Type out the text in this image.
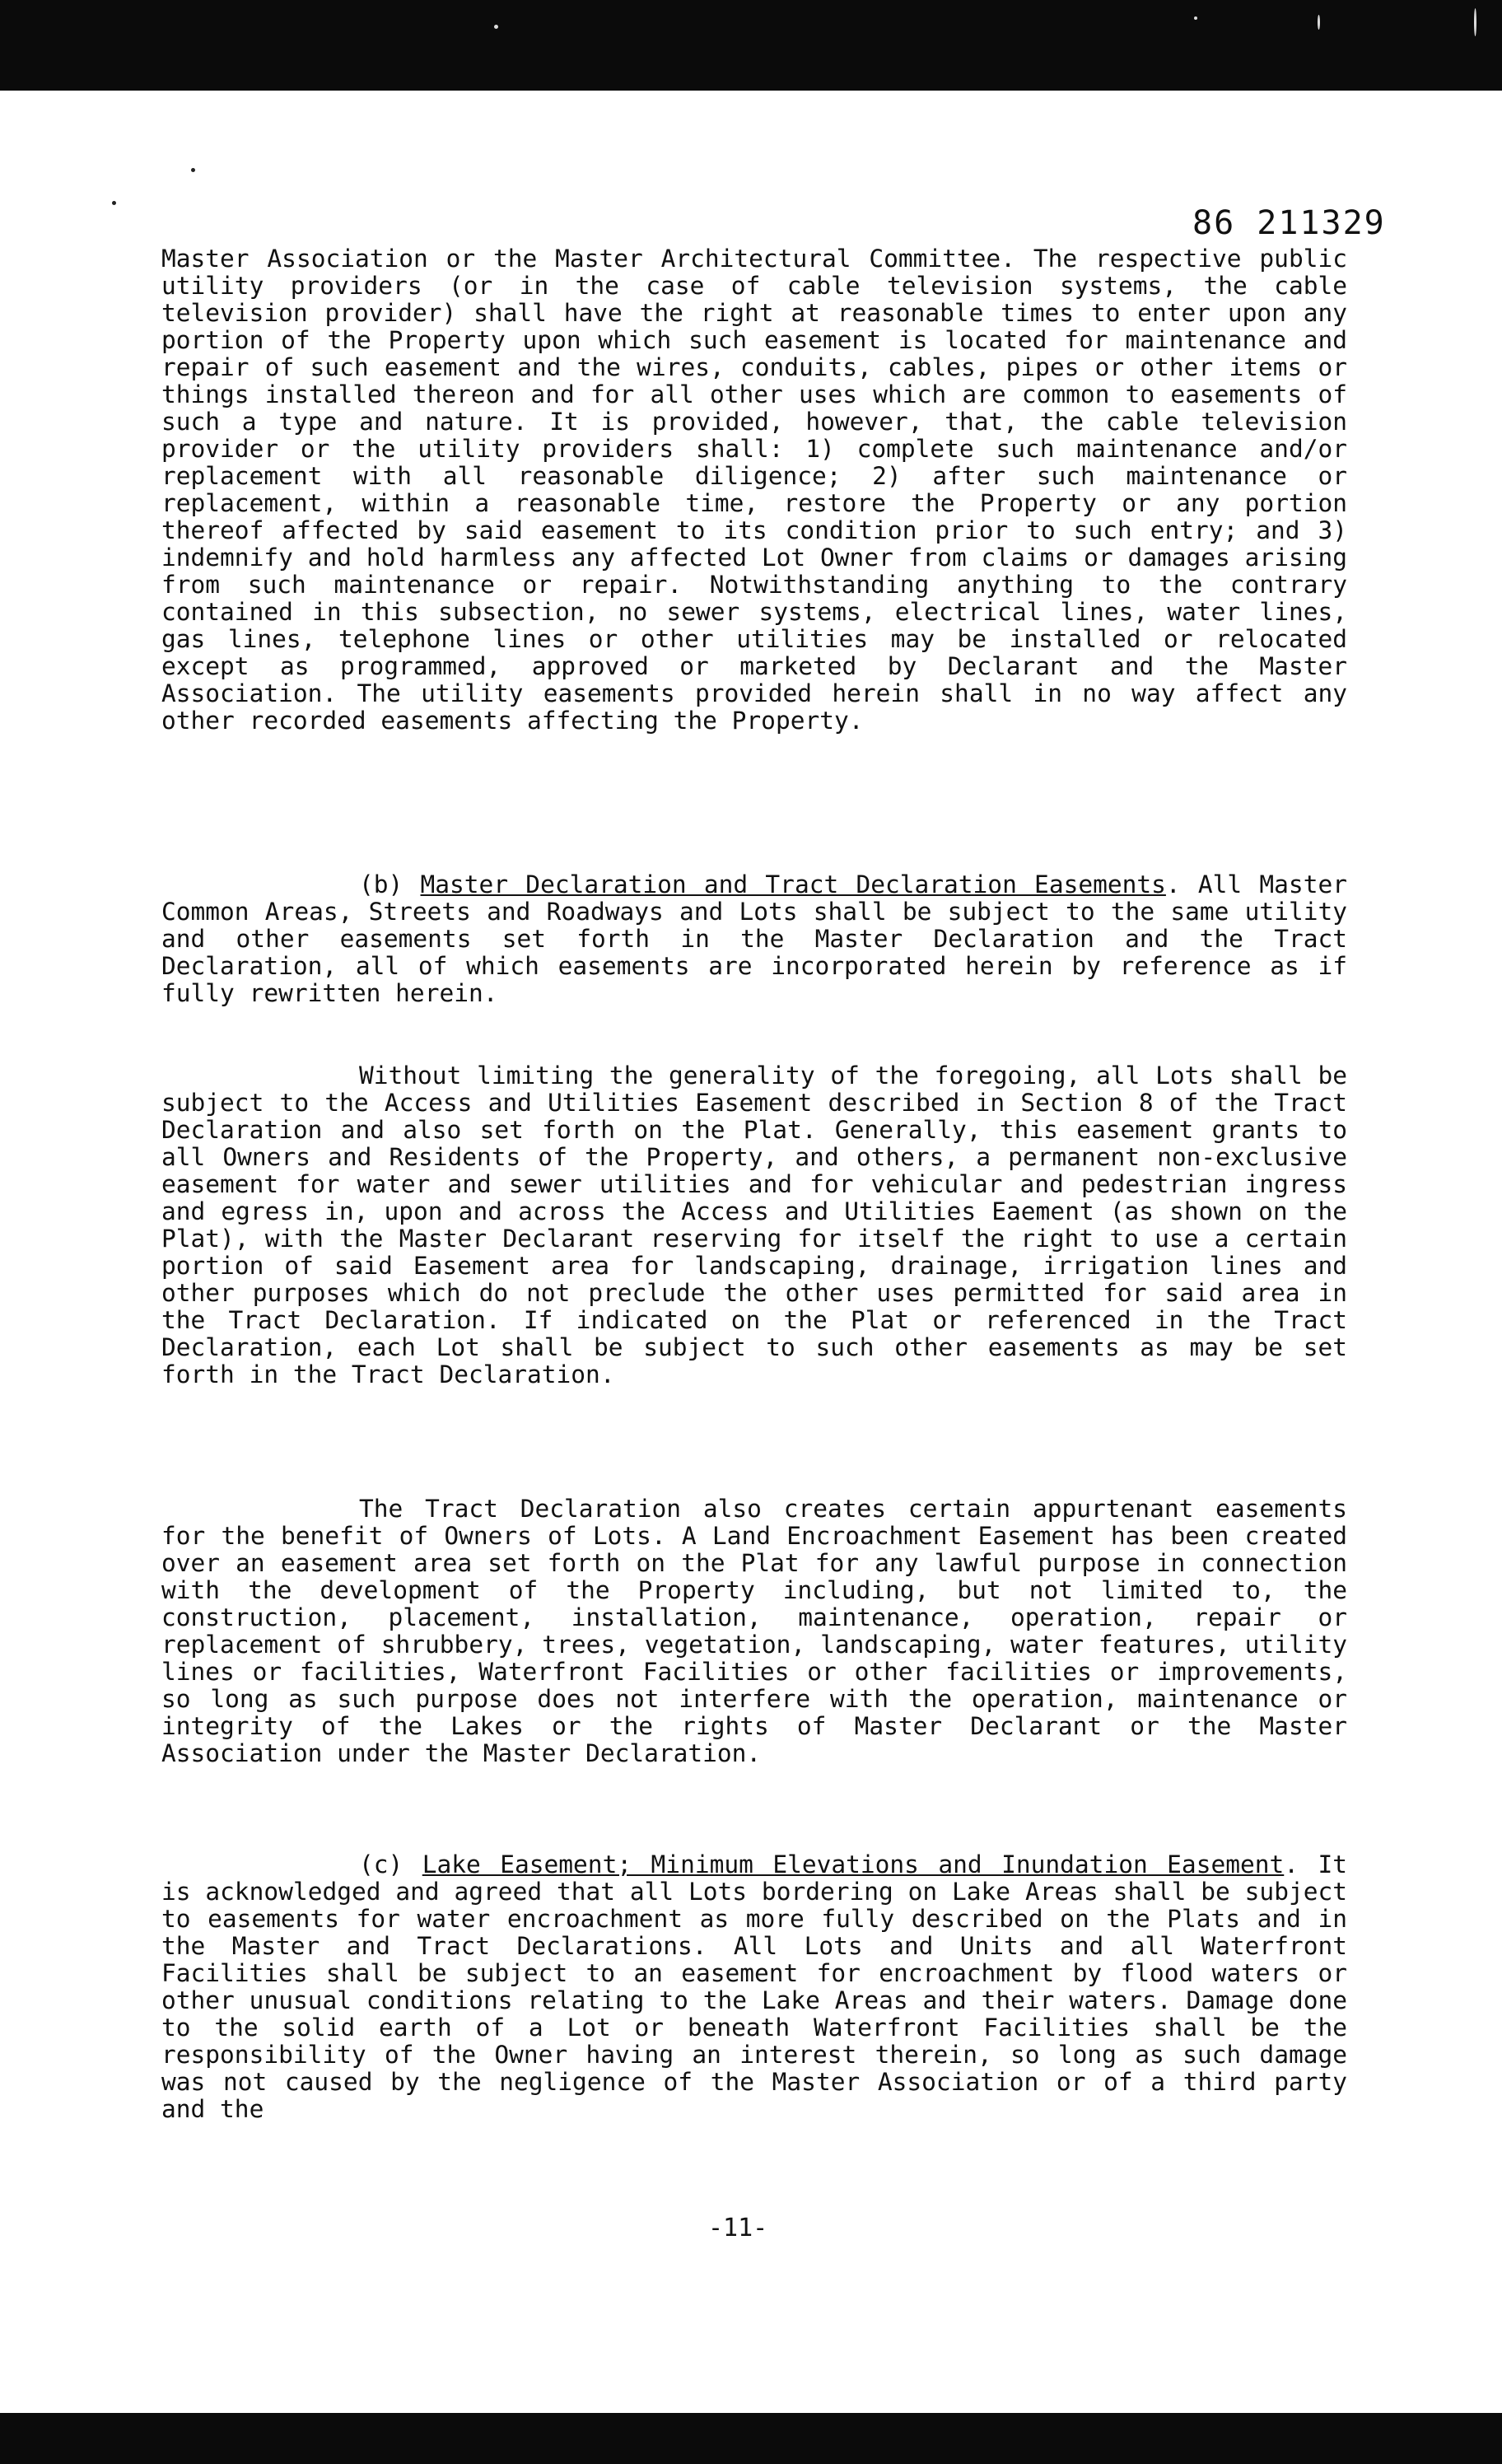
86 211329

Master Association or the Master Architectural Committee. The respective public utility providers (or in the case of cable television systems, the cable television provider) shall have the right at reasonable times to enter upon any portion of the Property upon which such easement is located for maintenance and repair of such easement and the wires, conduits, cables, pipes or other items or things installed thereon and for all other uses which are common to easements of such a type and nature. It is provided, however, that, the cable television provider or the utility providers shall: 1) complete such maintenance and/or replacement with all reasonable diligence; 2) after such maintenance or replacement, within a reasonable time, restore the Property or any portion thereof affected by said easement to its condition prior to such entry; and 3) indemnify and hold harmless any affected Lot Owner from claims or damages arising from such maintenance or repair. Notwithstanding anything to the contrary contained in this subsection, no sewer systems, electrical lines, water lines, gas lines, telephone lines or other utilities may be installed or relocated except as programmed, approved or marketed by Declarant and the Master Association. The utility easements provided herein shall in no way affect any other recorded easements affecting the Property.

(b) Master Declaration and Tract Declaration Easements. All Master Common Areas, Streets and Roadways and Lots shall be subject to the same utility and other easements set forth in the Master Declaration and the Tract Declaration, all of which easements are incorporated herein by reference as if fully rewritten herein.

Without limiting the generality of the foregoing, all Lots shall be subject to the Access and Utilities Easement described in Section 8 of the Tract Declaration and also set forth on the Plat. Generally, this easement grants to all Owners and Residents of the Property, and others, a permanent non-exclusive easement for water and sewer utilities and for vehicular and pedestrian ingress and egress in, upon and across the Access and Utilities Eaement (as shown on the Plat), with the Master Declarant reserving for itself the right to use a certain portion of said Easement area for landscaping, drainage, irrigation lines and other purposes which do not preclude the other uses permitted for said area in the Tract Declaration. If indicated on the Plat or referenced in the Tract Declaration, each Lot shall be subject to such other easements as may be set forth in the Tract Declaration.

The Tract Declaration also creates certain appurtenant easements for the benefit of Owners of Lots. A Land Encroachment Easement has been created over an easement area set forth on the Plat for any lawful purpose in connection with the development of the Property including, but not limited to, the construction, placement, installation, maintenance, operation, repair or replacement of shrubbery, trees, vegetation, landscaping, water features, utility lines or facilities, Waterfront Facilities or other facilities or improvements, so long as such purpose does not interfere with the operation, maintenance or integrity of the Lakes or the rights of Master Declarant or the Master Association under the Master Declaration.

(c) Lake Easement; Minimum Elevations and Inundation Easement. It is acknowledged and agreed that all Lots bordering on Lake Areas shall be subject to easements for water encroachment as more fully described on the Plats and in the Master and Tract Declarations. All Lots and Units and all Waterfront Facilities shall be subject to an easement for encroachment by flood waters or other unusual conditions relating to the Lake Areas and their waters. Damage done to the solid earth of a Lot or beneath Waterfront Facilities shall be the responsibility of the Owner having an interest therein, so long as such damage was not caused by the negligence of the Master Association or of a third party and the

-11-
